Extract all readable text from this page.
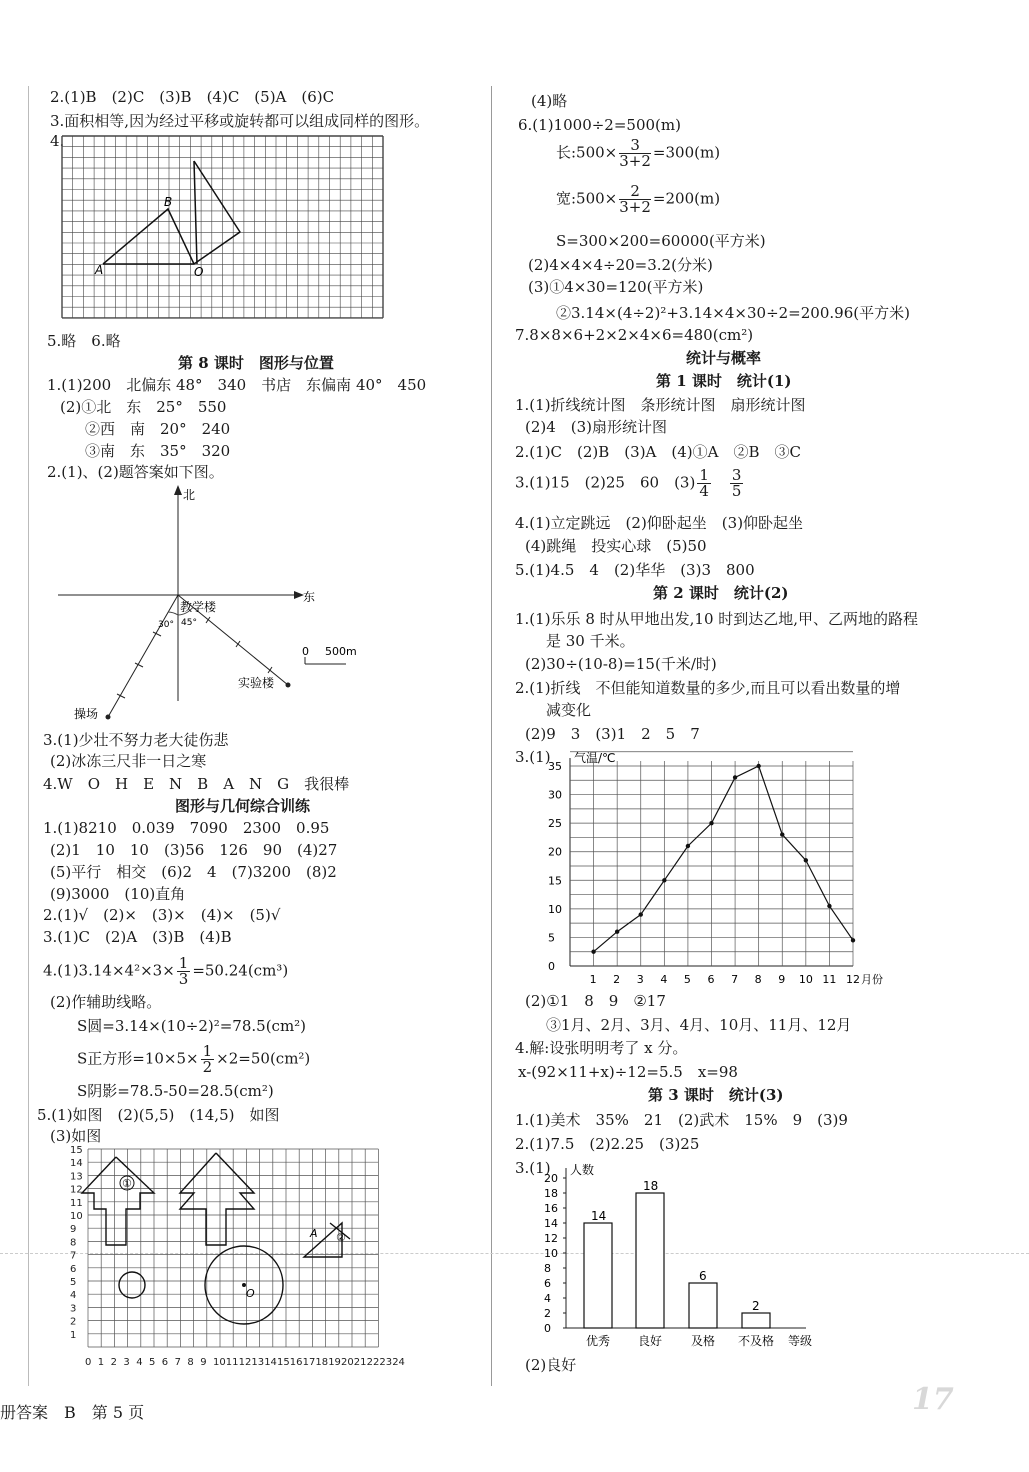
2.(1)B　(2)C　(3)B　(4)C　(5)A　(6)C
3.面积相等,因为经过平移或旋转都可以组成同样的图形。
4.
A
B
O
5.略　6.略
第 8 课时　图形与位置
1.(1)200　北偏东 48°　340　书店　东偏南 40°　450
(2)①北　东　25°　550
②西　南　20°　240
③南　东　35°　320
2.(1)、(2)题答案如下图。
北
东
教学楼
30° 45°
0 500m
实验楼
操场
3.(1)少壮不努力老大徒伤悲
(2)冰冻三尺非一日之寒
4.W　O　H　E　N　B　A　N　G　我很棒
图形与几何综合训练
1.(1)8210　0.039　7090　2300　0.95
(2)1　10　10　(3)56　126　90　(4)27
(5)平行　相交　(6)2　4　(7)3200　(8)2
(9)3000　(10)直角
2.(1)√　(2)×　(3)×　(4)×　(5)√
3.(1)C　(2)A　(3)B　(4)B
$4.(1)3.14\times 4^2\times 3\times \frac{1}{3} =50.24(cm^3)$
(2)作辅助线略。
S圆=3.14×(10÷2)²=78.5(cm²)
S正方形$=10\times 5\times \frac{1}{2} \times 2=50(cm^2)$
S阴影=78.5-50=28.5(cm²)
5.(1)如图　(2)(5,5)　(14,5)　如图
(3)如图
0 1 2 3 4 5 6 7 8 9 10 11 12 13 14 15 16 17 18 19 20 21 22 23 24
1
2
3
4
5
6
7
8
9
10
11
12
13
14
15
①
A ②
O
(4)略
6.(1)1000÷2=500(m)
长:500× $\frac{3}{3+2} =300(m)$
宽:500× $\frac{2}{3+2} =200(m)$
S=300×200=60000(平方米)
(2)4×4×4÷20=3.2(分米)
(3)①4×30=120(平方米)
②3.14×(4÷2)²+3.14×4×30÷2=200.96(平方米)
7.8×8×6+2×2×4×6=480(cm²)
统计与概率
第 1 课时　统计(1)
1.(1)折线统计图　条形统计图　扇形统计图
(2)4　(3)扇形统计图
2.(1)C　(2)B　(3)A　(4)①A　②B　③C
3.(1)15　(2)25　60　$(3) \frac{1}{4}$
　 $\frac{3}{5}$
4.(1)立定跳远　(2)仰卧起坐　(3)仰卧起坐
(4)跳绳　投实心球　(5)50
5.(1)4.5　4　(2)华华　(3)3　800
第 2 课时　统计(2)
1.(1)乐乐 8 时从甲地出发,10 时到达乙地,甲、乙两地的路程
是 30 千米。
(2)30÷(10-8)=15(千米/时)
2.(1)折线　不但能知道数量的多少,而且可以看出数量的增
减变化
(2)9　3　(3)1　2　5　7
3.(1) 气温/℃
0
5
10
15
20
25
30
35
1 2 3 4 5 6 7 8 9 10 11 12 月份
(2)①1　8　9　②17
③1月、2月、3月、4月、10月、11月、12月
4.解:设张明明考了 x 分。
x-(92×11+x)÷12=5.5　x=98
第 3 课时　统计(3)
1.(1)美术　35%　21　(2)武术　15%　9　(3)9
2.(1)7.5　(2)2.25　(3)25
3.(1) 人数
0
2
4
6
8
10
12
14
16
18
20
14
优秀
18
良好
6
及格
2
不及格 等级
(2)良好
册答案　B　第 5 页	17
